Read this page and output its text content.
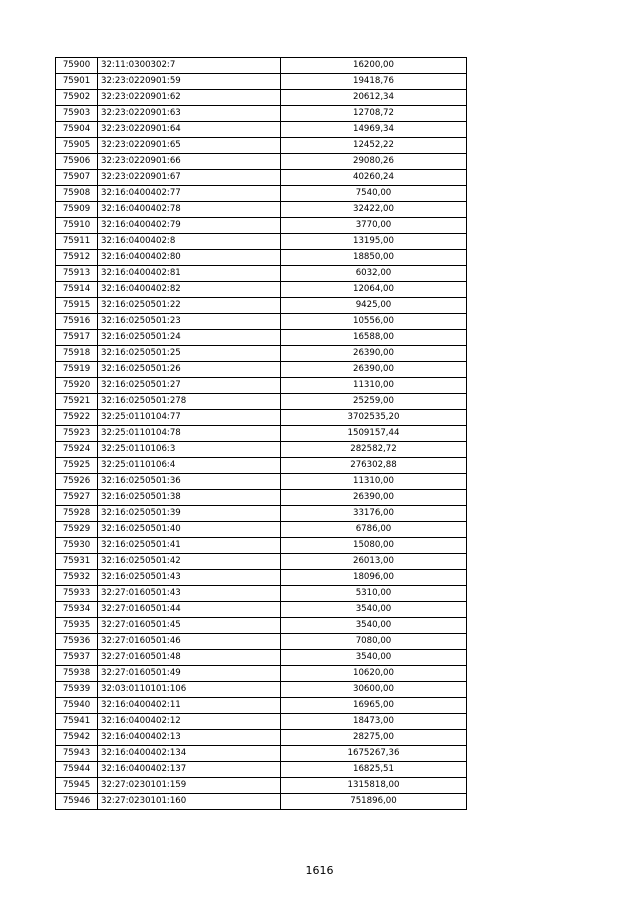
75900	32:11:0300302:7	16200,00
75901	32:23:0220901:59	19418,76
75902	32:23:0220901:62	20612,34
75903	32:23:0220901:63	12708,72
75904	32:23:0220901:64	14969,34
75905	32:23:0220901:65	12452,22
75906	32:23:0220901:66	29080,26
75907	32:23:0220901:67	40260,24
75908	32:16:0400402:77	7540,00
75909	32:16:0400402:78	32422,00
75910	32:16:0400402:79	3770,00
75911	32:16:0400402:8	13195,00
75912	32:16:0400402:80	18850,00
75913	32:16:0400402:81	6032,00
75914	32:16:0400402:82	12064,00
75915	32:16:0250501:22	9425,00
75916	32:16:0250501:23	10556,00
75917	32:16:0250501:24	16588,00
75918	32:16:0250501:25	26390,00
75919	32:16:0250501:26	26390,00
75920	32:16:0250501:27	11310,00
75921	32:16:0250501:278	25259,00
75922	32:25:0110104:77	3702535,20
75923	32:25:0110104:78	1509157,44
75924	32:25:0110106:3	282582,72
75925	32:25:0110106:4	276302,88
75926	32:16:0250501:36	11310,00
75927	32:16:0250501:38	26390,00
75928	32:16:0250501:39	33176,00
75929	32:16:0250501:40	6786,00
75930	32:16:0250501:41	15080,00
75931	32:16:0250501:42	26013,00
75932	32:16:0250501:43	18096,00
75933	32:27:0160501:43	5310,00
75934	32:27:0160501:44	3540,00
75935	32:27:0160501:45	3540,00
75936	32:27:0160501:46	7080,00
75937	32:27:0160501:48	3540,00
75938	32:27:0160501:49	10620,00
75939	32:03:0110101:106	30600,00
75940	32:16:0400402:11	16965,00
75941	32:16:0400402:12	18473,00
75942	32:16:0400402:13	28275,00
75943	32:16:0400402:134	1675267,36
75944	32:16:0400402:137	16825,51
75945	32:27:0230101:159	1315818,00
75946	32:27:0230101:160	751896,00
1616
